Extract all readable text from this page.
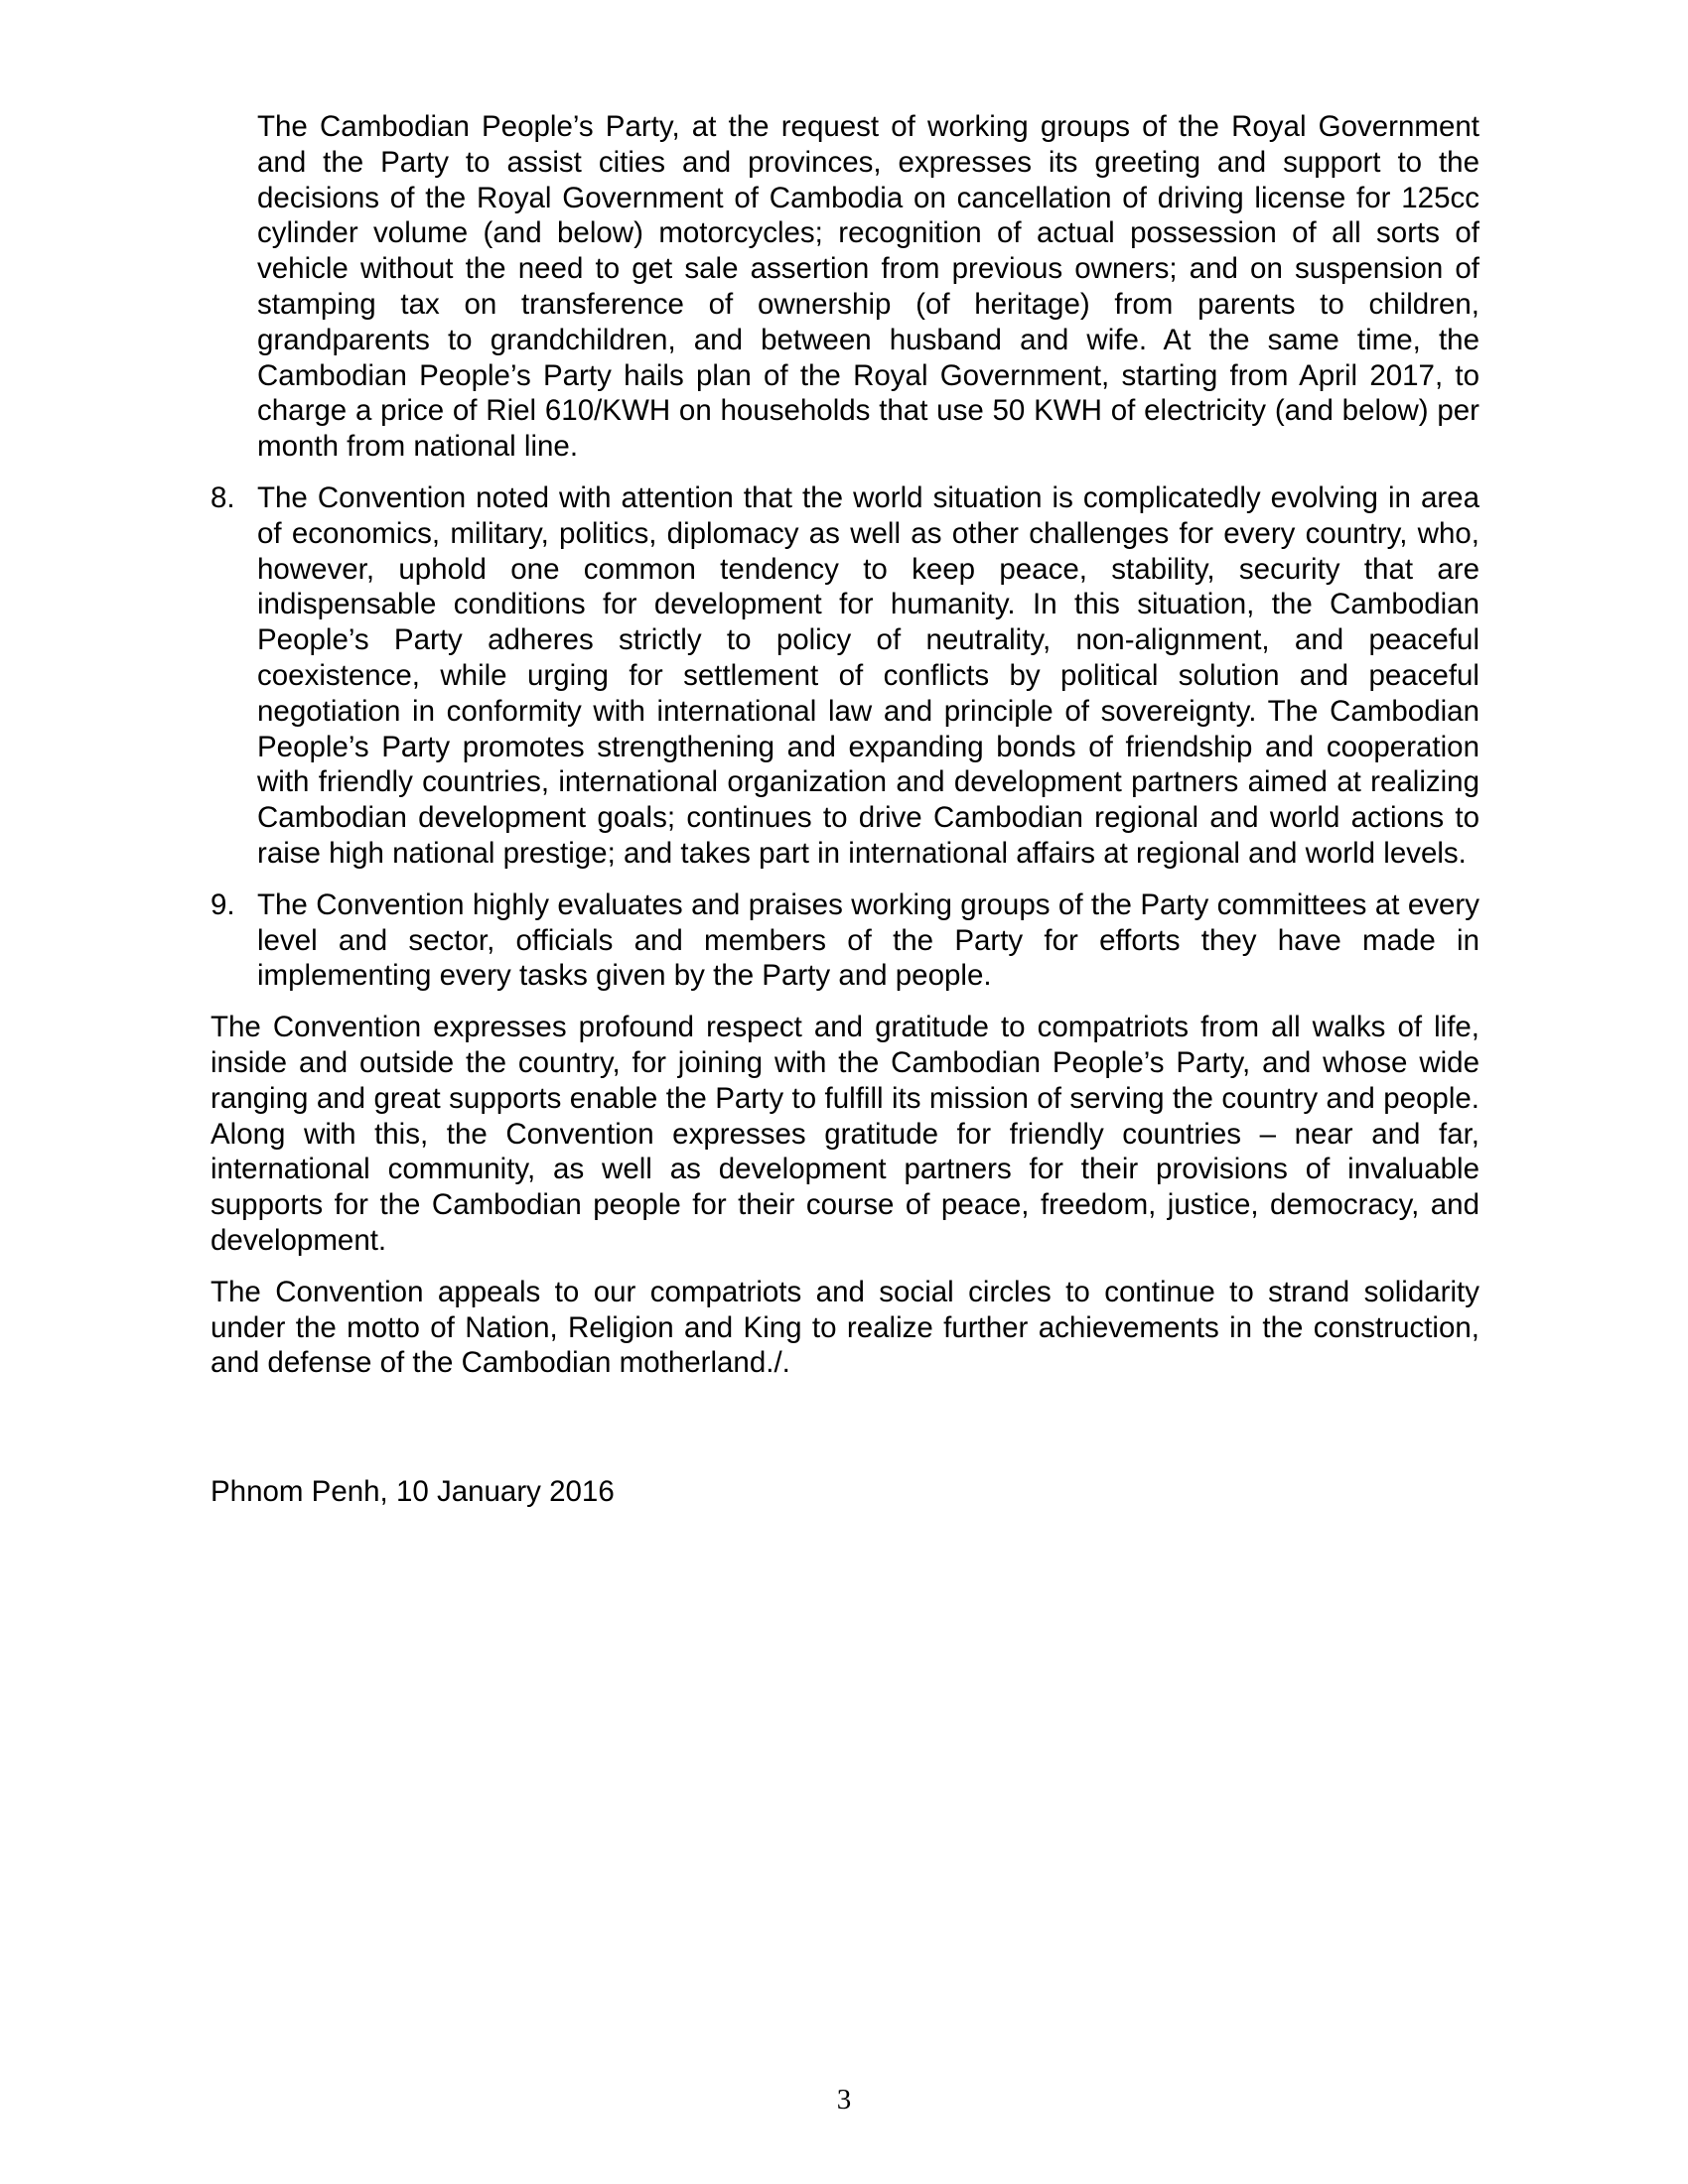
The Cambodian People’s Party, at the request of working groups of the Royal Government and the Party to assist cities and provinces, expresses its greeting and support to the decisions of the Royal Government of Cambodia on cancellation of driving license for 125cc cylinder volume (and below) motorcycles; recognition of actual possession of all sorts of vehicle without the need to get sale assertion from previous owners; and on suspension of stamping tax on transference of ownership (of heritage) from parents to children, grandparents to grandchildren, and between husband and wife. At the same time, the Cambodian People’s Party hails plan of the Royal Government, starting from April 2017, to charge a price of Riel 610/KWH on households that use 50 KWH of electricity (and below) per month from national line.

8. The Convention noted with attention that the world situation is complicatedly evolving in area of economics, military, politics, diplomacy as well as other challenges for every country, who, however, uphold one common tendency to keep peace, stability, security that are indispensable conditions for development for humanity. In this situation, the Cambodian People’s Party adheres strictly to policy of neutrality, non-alignment, and peaceful coexistence, while urging for settlement of conflicts by political solution and peaceful negotiation in conformity with international law and principle of sovereignty. The Cambodian People’s Party promotes strengthening and expanding bonds of friendship and cooperation with friendly countries, international organization and development partners aimed at realizing Cambodian development goals; continues to drive Cambodian regional and world actions to raise high national prestige; and takes part in international affairs at regional and world levels.
9. The Convention highly evaluates and praises working groups of the Party committees at every level and sector, officials and members of the Party for efforts they have made in implementing every tasks given by the Party and people.

The Convention expresses profound respect and gratitude to compatriots from all walks of life, inside and outside the country, for joining with the Cambodian People’s Party, and whose wide ranging and great supports enable the Party to fulfill its mission of serving the country and people. Along with this, the Convention expresses gratitude for friendly countries – near and far, international community, as well as development partners for their provisions of invaluable supports for the Cambodian people for their course of peace, freedom, justice, democracy, and development.

The Convention appeals to our compatriots and social circles to continue to strand solidarity under the motto of Nation, Religion and King to realize further achievements in the construction, and defense of the Cambodian motherland./.

Phnom Penh, 10 January 2016

3
